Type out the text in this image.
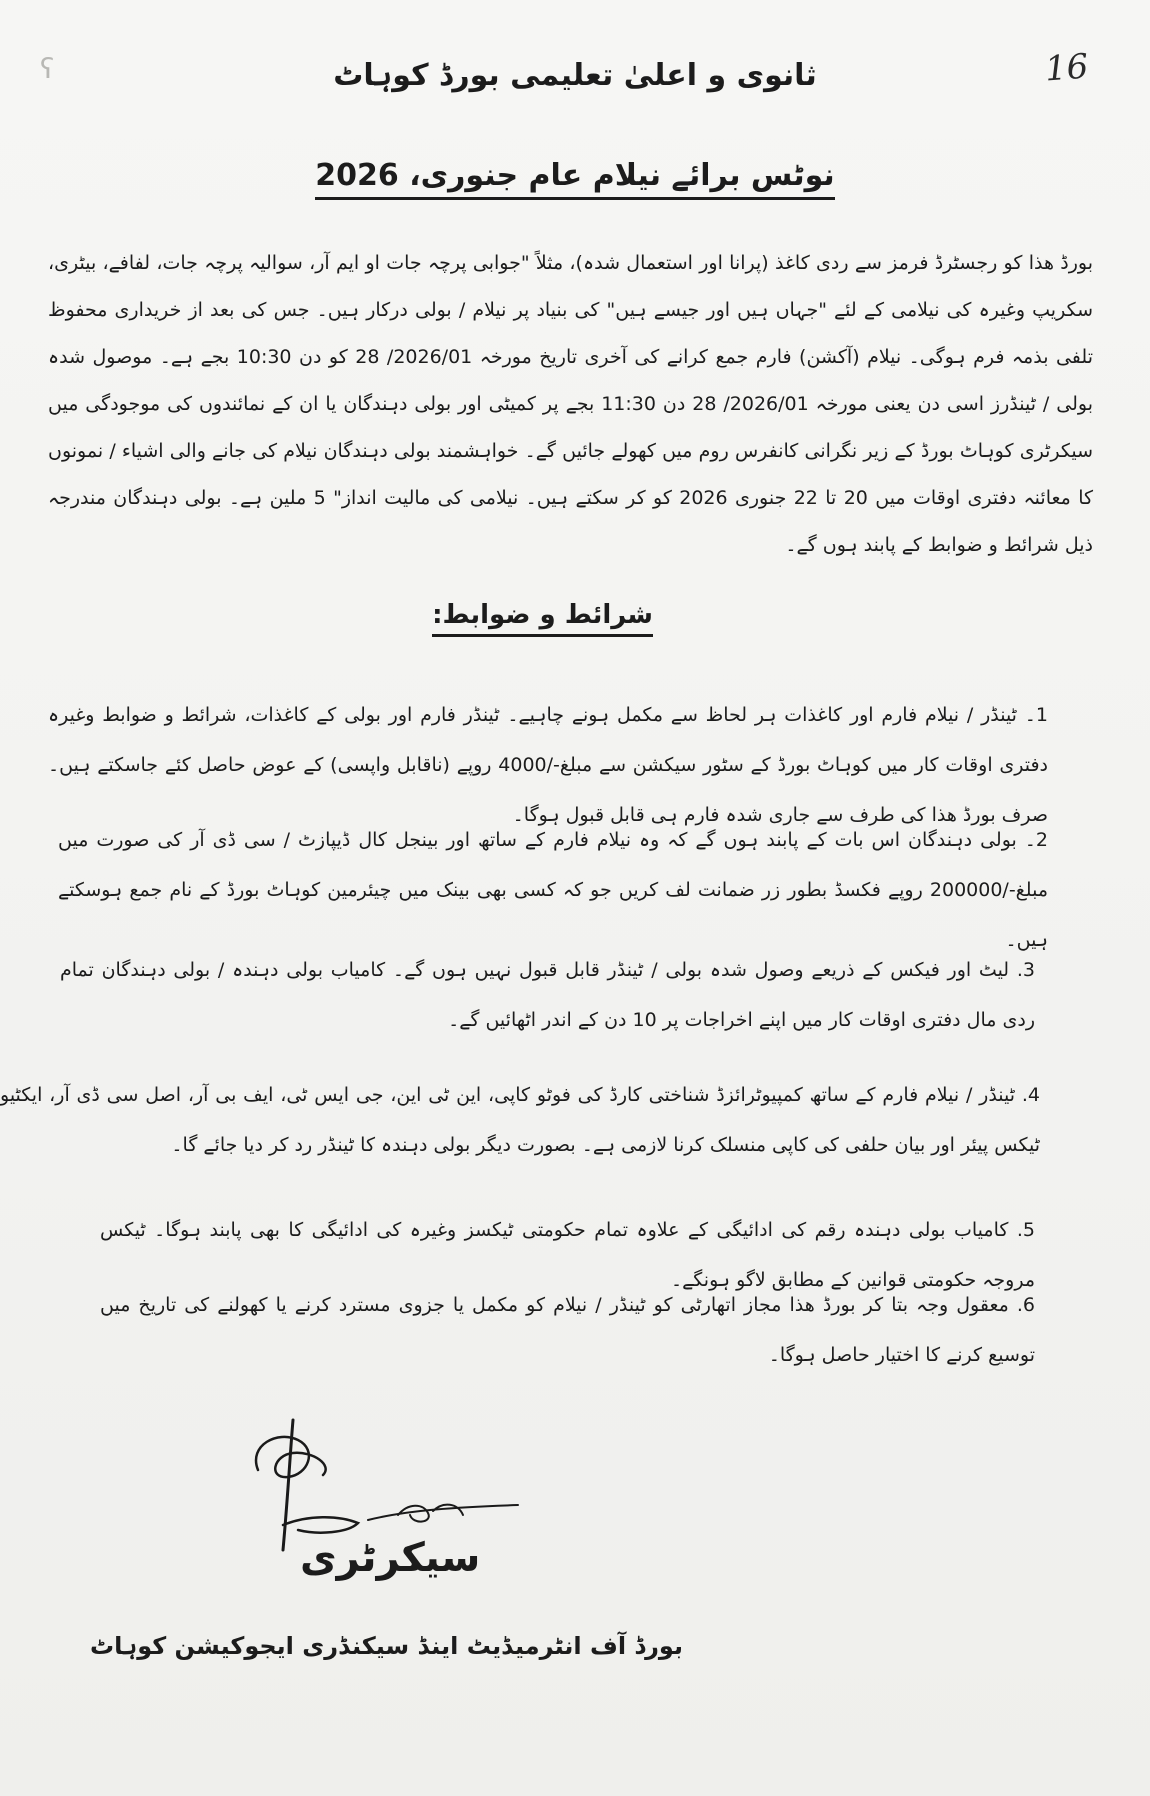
ʕ	16
ثانوی و اعلیٰ تعلیمی بورڈ کوہاٹ
نوٹس برائے نیلام عام جنوری، 2026

بورڈ ھذا کو رجسٹرڈ فرمز سے ردی کاغذ (پرانا اور استعمال شدہ)، مثلاً "جوابی پرچہ جات او ایم آر، سوالیہ پرچہ جات، لفافے، بیٹری، سکریپ وغیرہ کی نیلامی کے لئے "جہاں ہیں اور جیسے ہیں" کی بنیاد پر نیلام / بولی درکار ہیں۔ جس کی بعد از خریداری محفوظ تلفی بذمہ فرم ہوگی۔ نیلام (آکشن) فارم جمع کرانے کی آخری تاریخ مورخہ 2026/01/ 28 کو دن 10:30 بجے ہے۔ موصول شدہ بولی / ٹینڈرز اسی دن یعنی مورخہ 2026/01/ 28 دن 11:30 بجے پر کمیٹی اور بولی دہندگان یا ان کے نمائندوں کی موجودگی میں سیکرٹری کوہاٹ بورڈ کے زیر نگرانی کانفرس روم میں کھولے جائیں گے۔ خواہشمند بولی دہندگان نیلام کی جانے والی اشیاء / نمونوں کا معائنہ دفتری اوقات میں 20 تا 22 جنوری 2026 کو کر سکتے ہیں۔ نیلامی کی مالیت انداز" 5 ملین ہے۔ بولی دہندگان مندرجہ ذیل شرائط و ضوابط کے پابند ہوں گے۔

شرائط و ضوابط:

1۔ ٹینڈر / نیلام فارم اور کاغذات ہر لحاظ سے مکمل ہونے چاہیے۔ ٹینڈر فارم اور بولی کے کاغذات، شرائط و ضوابط وغیرہ دفتری اوقات کار میں کوہاٹ بورڈ کے سٹور سیکشن سے مبلغ-/4000 روپے (ناقابل واپسی) کے عوض حاصل کئے جاسکتے ہیں۔ صرف بورڈ ھذا کی طرف سے جاری شدہ فارم ہی قابل قبول ہوگا۔

2۔ بولی دہندگان اس بات کے پابند ہوں گے کہ وہ نیلام فارم کے ساتھ اور بینجل کال ڈیپازٹ / سی ڈی آر کی صورت میں مبلغ-/200000 روپے فکسڈ بطور زر ضمانت لف کریں جو کہ کسی بھی بینک میں چیئرمین کوہاٹ بورڈ کے نام جمع ہوسکتے ہیں۔

3. لیٹ اور فیکس کے ذریعے وصول شدہ بولی / ٹینڈر قابل قبول نہیں ہوں گے۔ کامیاب بولی دہندہ / بولی دہندگان تمام ردی مال دفتری اوقات کار میں اپنے اخراجات پر 10 دن کے اندر اٹھائیں گے۔

4. ٹینڈر / نیلام فارم کے ساتھ کمپیوٹرائزڈ شناختی کارڈ کی فوٹو کاپی، این ٹی این، جی ایس ٹی، ایف بی آر، اصل سی ڈی آر، ایکٹیو ٹیکس پیئر اور بیان حلفی کی کاپی منسلک کرنا لازمی ہے۔ بصورت دیگر بولی دہندہ کا ٹینڈر رد کر دیا جائے گا۔

5. کامیاب بولی دہندہ رقم کی ادائیگی کے علاوہ تمام حکومتی ٹیکسز وغیرہ کی ادائیگی کا بھی پابند ہوگا۔ ٹیکس مروجہ حکومتی قوانین کے مطابق لاگو ہونگے۔

6. معقول وجہ بتا کر بورڈ ھذا مجاز اتھارٹی کو ٹینڈر / نیلام کو مکمل یا جزوی مسترد کرنے یا کھولنے کی تاریخ میں توسیع کرنے کا اختیار حاصل ہوگا۔

سیکرٹری
بورڈ آف انٹرمیڈیٹ اینڈ سیکنڈری ایجوکیشن کوہاٹ
